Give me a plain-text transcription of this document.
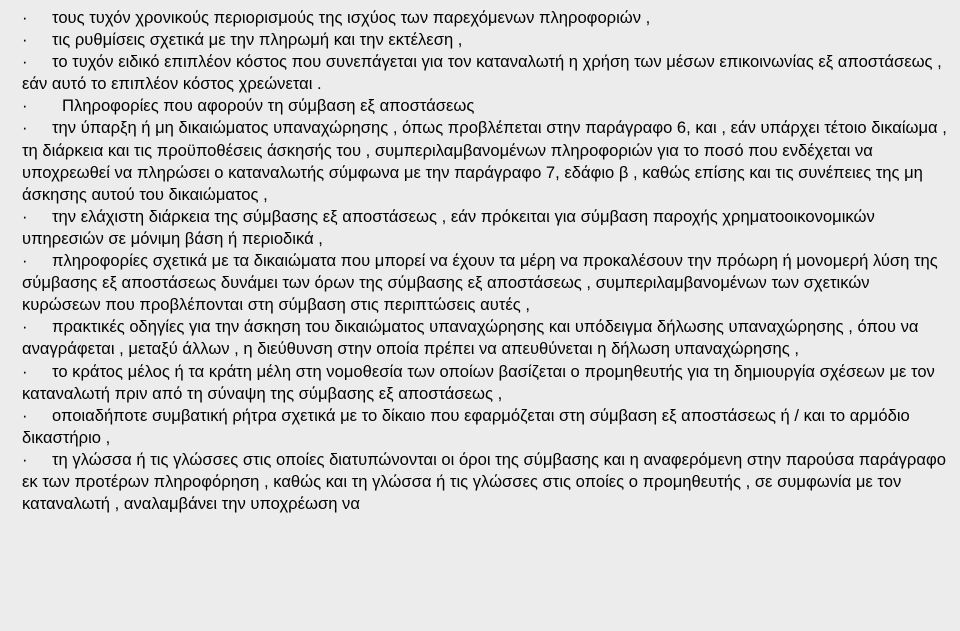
· τους τυχόν χρονικούς περιορισμούς της ισχύος των παρεχόμενων πληροφοριών ,

· τις ρυθμίσεις σχετικά με την πληρωμή και την εκτέλεση ,

· το τυχόν ειδικό επιπλέον κόστος που συνεπάγεται για τον καταναλωτή η χρήση των μέσων επικοινωνίας εξ αποστάσεως , εάν αυτό το επιπλέον κόστος χρεώνεται .

· Πληροφορίες που αφορούν τη σύμβαση εξ αποστάσεως

· την ύπαρξη ή μη δικαιώματος υπαναχώρησης , όπως προβλέπεται στην παράγραφο 6, και , εάν υπάρχει τέτοιο δικαίωμα , τη διάρκεια και τις προϋποθέσεις άσκησής του , συμπεριλαμβανομένων πληροφοριών για το ποσό που ενδέχεται να υποχρεωθεί να πληρώσει ο καταναλωτής σύμφωνα με την παράγραφο 7, εδάφιο β , καθώς επίσης και τις συνέπειες της μη άσκησης αυτού του δικαιώματος ,

· την ελάχιστη διάρκεια της σύμβασης εξ αποστάσεως , εάν πρόκειται για σύμβαση παροχής χρηματοοικονομικών υπηρεσιών σε μόνιμη βάση ή περιοδικά ,

· πληροφορίες σχετικά με τα δικαιώματα που μπορεί να έχουν τα μέρη να προκαλέσουν την πρόωρη ή μονομερή λύση της σύμβασης εξ αποστάσεως δυνάμει των όρων της σύμβασης εξ αποστάσεως , συμπεριλαμβανομένων των σχετικών κυρώσεων που προβλέπονται στη σύμβαση στις περιπτώσεις αυτές ,

· πρακτικές οδηγίες για την άσκηση του δικαιώματος υπαναχώρησης και υπόδειγμα δήλωσης υπαναχώρησης , όπου να αναγράφεται , μεταξύ άλλων , η διεύθυνση στην οποία πρέπει να απευθύνεται η δήλωση υπαναχώρησης ,

· το κράτος μέλος ή τα κράτη μέλη στη νομοθεσία των οποίων βασίζεται ο προμηθευτής για τη δημιουργία σχέσεων με τον καταναλωτή πριν από τη σύναψη της σύμβασης εξ αποστάσεως ,

· οποιαδήποτε συμβατική ρήτρα σχετικά με το δίκαιο που εφαρμόζεται στη σύμβαση εξ αποστάσεως ή / και το αρμόδιο δικαστήριο ,

· τη γλώσσα ή τις γλώσσες στις οποίες διατυπώνονται οι όροι της σύμβασης και η αναφερόμενη στην παρούσα παράγραφο εκ των προτέρων πληροφόρηση , καθώς και τη γλώσσα ή τις γλώσσες στις οποίες ο προμηθευτής , σε συμφωνία με τον καταναλωτή , αναλαμβάνει την υποχρέωση να
